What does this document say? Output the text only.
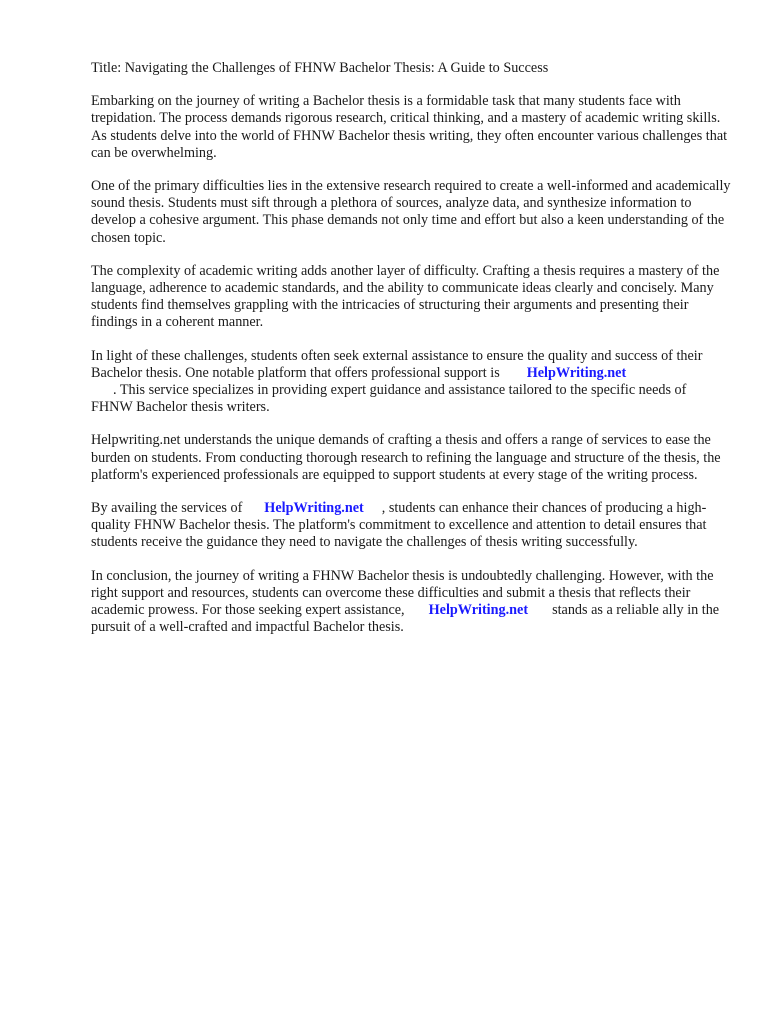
Title: Navigating the Challenges of FHNW Bachelor Thesis: A Guide to Success

Embarking on the journey of writing a Bachelor thesis is a formidable task that many students face with trepidation. The process demands rigorous research, critical thinking, and a mastery of academic writing skills. As students delve into the world of FHNW Bachelor thesis writing, they often encounter various challenges that can be overwhelming.

One of the primary difficulties lies in the extensive research required to create a well-informed and academically sound thesis. Students must sift through a plethora of sources, analyze data, and synthesize information to develop a cohesive argument. This phase demands not only time and effort but also a keen understanding of the chosen topic.

The complexity of academic writing adds another layer of difficulty. Crafting a thesis requires a mastery of the language, adherence to academic standards, and the ability to communicate ideas clearly and concisely. Many students find themselves grappling with the intricacies of structuring their arguments and presenting their findings in a coherent manner.

In light of these challenges, students often seek external assistance to ensure the quality and success of their Bachelor thesis. One notable platform that offers professional support is HelpWriting.net
. This service specializes in providing expert guidance and assistance tailored to the specific needs of FHNW Bachelor thesis writers.

Helpwriting.net understands the unique demands of crafting a thesis and offers a range of services to ease the burden on students. From conducting thorough research to refining the language and structure of the thesis, the platform's experienced professionals are equipped to support students at every stage of the writing process.

By availing the services of HelpWriting.net , students can enhance their chances of producing a high-quality FHNW Bachelor thesis. The platform's commitment to excellence and attention to detail ensures that students receive the guidance they need to navigate the challenges of thesis writing successfully.

In conclusion, the journey of writing a FHNW Bachelor thesis is undoubtedly challenging. However, with the right support and resources, students can overcome these difficulties and submit a thesis that reflects their academic prowess. For those seeking expert assistance, HelpWriting.net stands as a reliable ally in the pursuit of a well-crafted and impactful Bachelor thesis.
